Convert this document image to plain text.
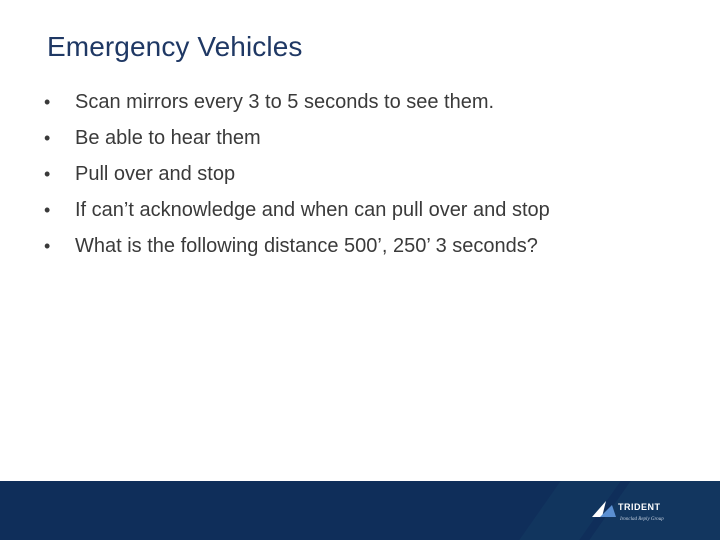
Emergency Vehicles
•	Scan mirrors every 3 to 5 seconds to see them.
•	Be able to hear them
•	Pull over and stop
•	If can’t acknowledge and when can pull over and stop
•	What is the following distance 500’, 250’ 3 seconds?
TRIDENT
Ironclad Reply Group
